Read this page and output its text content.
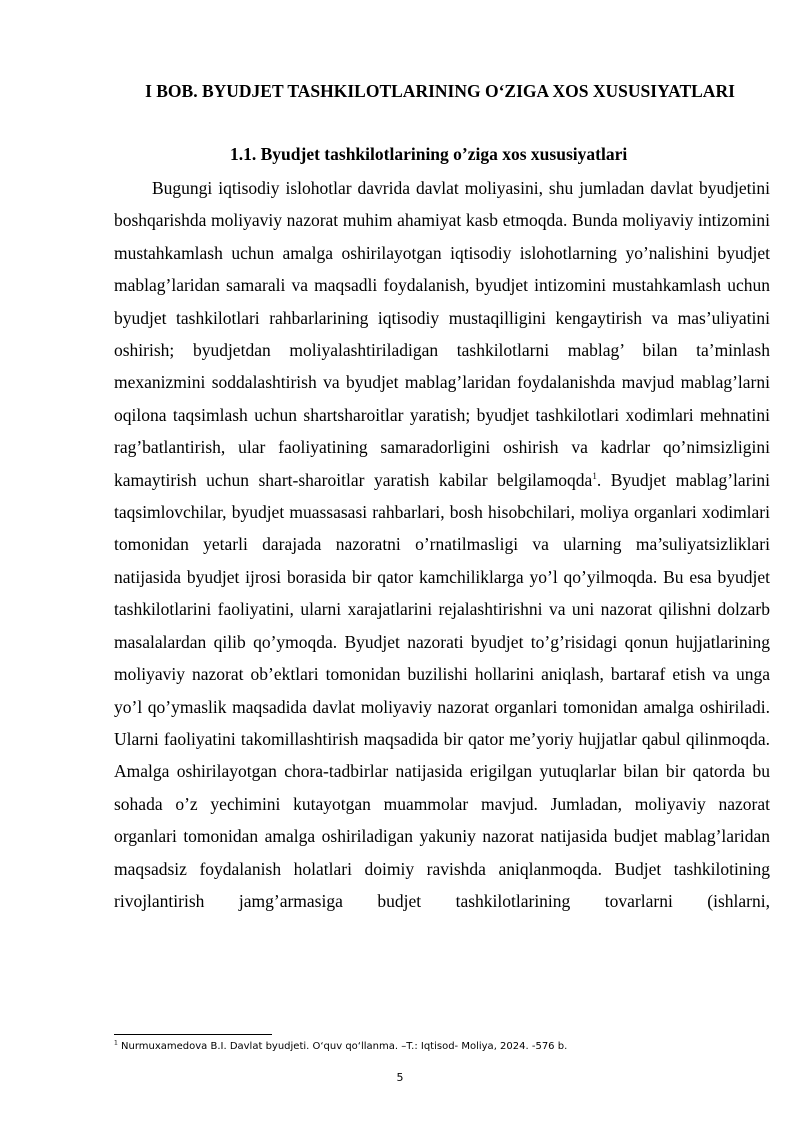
I BOB. BYUDJET TASHKILOTLARINING O‘ZIGA XOS XUSUSIYATLARI
1.1. Byudjet tashkilotlarining o’ziga xos xususiyatlari

Bugungi iqtisodiy islohotlar davrida davlat moliyasini, shu jumladan davlat byudjetini boshqarishda moliyaviy nazorat muhim ahamiyat kasb etmoqda. Bunda moliyaviy intizomini mustahkamlash uchun amalga oshirilayotgan iqtisodiy islohotlarning yo’nalishini byudjet mablag’laridan samarali va maqsadli foydalanish, byudjet intizomini mustahkamlash uchun byudjet tashkilotlari rahbarlarining iqtisodiy mustaqilligini kengaytirish va mas’uliyatini oshirish; byudjetdan moliyalashtiriladigan tashkilotlarni mablag’ bilan ta’minlash mexanizmini soddalashtirish va byudjet mablag’laridan foydalanishda mavjud mablag’larni oqilona taqsimlash uchun shartsharoitlar yaratish; byudjet tashkilotlari xodimlari mehnatini rag’batlantirish, ular faoliyatining samaradorligini oshirish va kadrlar qo’nimsizligini kamaytirish uchun shart-sharoitlar yaratish kabilar belgilamoqda$^1$. Byudjet mablag’larini taqsimlovchilar, byudjet muassasasi rahbarlari, bosh hisobchilari, moliya organlari xodimlari tomonidan yetarli darajada nazoratni o’rnatilmasligi va ularning ma’suliyatsizliklari natijasida byudjet ijrosi borasida bir qator kamchiliklarga yo’l qo’yilmoqda. Bu esa byudjet tashkilotlarini faoliyatini, ularni xarajatlarini rejalashtirishni va uni nazorat qilishni dolzarb masalalardan qilib qo’ymoqda. Byudjet nazorati byudjet to’g’risidagi qonun hujjatlarining moliyaviy nazorat ob’ektlari tomonidan buzilishi hollarini aniqlash, bartaraf etish va unga yo’l qo’ymaslik maqsadida davlat moliyaviy nazorat organlari tomonidan amalga oshiriladi. Ularni faoliyatini takomillashtirish maqsadida bir qator me’yoriy hujjatlar qabul qilinmoqda. Amalga oshirilayotgan chora-tadbirlar natijasida erigilgan yutuqlarlar bilan bir qatorda bu sohada o’z yechimini kutayotgan muammolar mavjud. Jumladan, moliyaviy nazorat organlari tomonidan amalga oshiriladigan yakuniy nazorat natijasida budjet mablag’laridan maqsadsiz foydalanish holatlari doimiy ravishda aniqlanmoqda. Budjet tashkilotining rivojlantirish jamg’armasiga budjet tashkilotlarining tovarlarni (ishlarni,

$^1$ Nurmuxamedova B.I. Davlat byudjeti. O‘quv qo‘llanma. –T.: Iqtisod- Moliya, 2024. -576 b.
5
